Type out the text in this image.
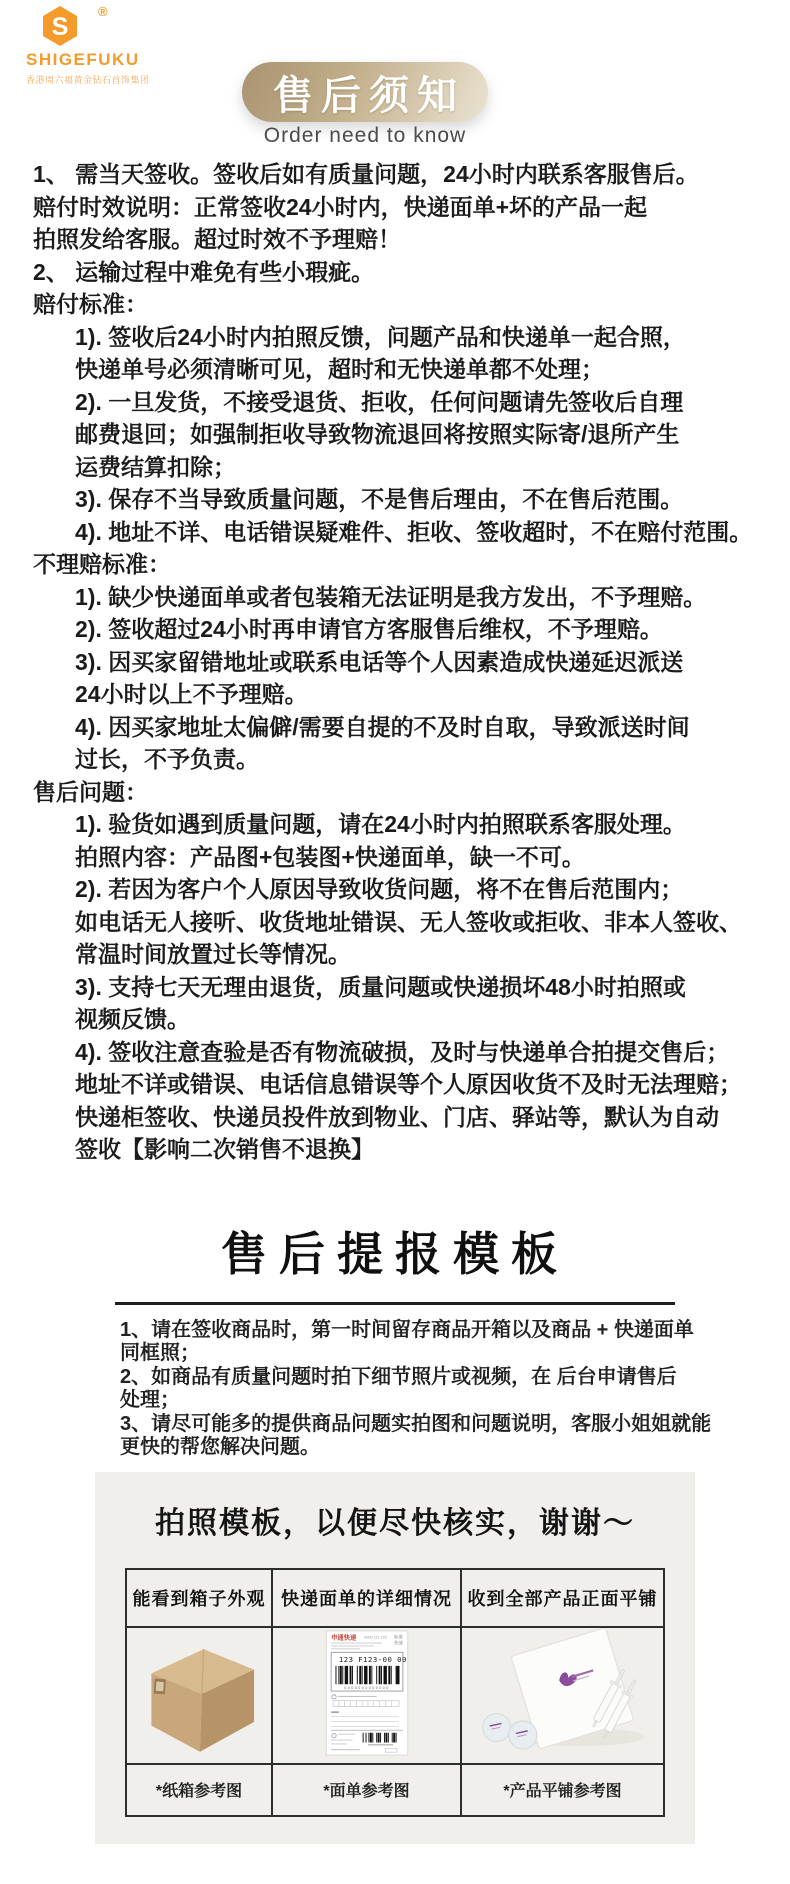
S
®
SHIGEFUKU
香港周六福黄金钻石首饰集团	售后须知
Order need to know
1、 需当天签收。签收后如有质量问题，24小时内联系客服售后。
赔付时效说明：正常签收24小时内，快递面单+坏的产品一起
拍照发给客服。超过时效不予理赔！
2、 运输过程中难免有些小瑕疵。
赔付标准：
1). 签收后24小时内拍照反馈，问题产品和快递单一起合照，
快递单号必须清晰可见，超时和无快递单都不处理；
2). 一旦发货，不接受退货、拒收，任何问题请先签收后自理
邮费退回；如强制拒收导致物流退回将按照实际寄/退所产生
运费结算扣除；
3). 保存不当导致质量问题，不是售后理由，不在售后范围。
4). 地址不详、电话错误疑难件、拒收、签收超时，不在赔付范围。
不理赔标准：
1). 缺少快递面单或者包装箱无法证明是我方发出，不予理赔。
2). 签收超过24小时再申请官方客服售后维权，不予理赔。
3). 因买家留错地址或联系电话等个人因素造成快递延迟派送
24小时以上不予理赔。
4). 因买家地址太偏僻/需要自提的不及时自取，导致派送时间
过长，不予负责。
售后问题：
1). 验货如遇到质量问题，请在24小时内拍照联系客服处理。
拍照内容：产品图+包装图+快递面单，缺一不可。
2). 若因为客户个人原因导致收货问题，将不在售后范围内；
如电话无人接听、收货地址错误、无人签收或拒收、非本人签收、
常温时间放置过长等情况。
3). 支持七天无理由退货，质量问题或快递损坏48小时拍照或
视频反馈。
4). 签收注意查验是否有物流破损，及时与快递单合拍提交售后；
地址不详或错误、电话信息错误等个人原因收货不及时无法理赔；
快递柜签收、快递员投件放到物业、门店、驿站等，默认为自动
签收【影响二次销售不退换】
售后提报模板
1、请在签收商品时，第一时间留存商品开箱以及商品 + 快递面单
同框照；
2、如商品有质量问题时拍下细节照片或视频，在 后台申请售后
处理；
3、请尽可能多的提供商品问题实拍图和问题说明，客服小姐姐就能
更快的帮您解决问题。
拍照模板，以便尽快核实，谢谢～
能看到箱子外观	快递面单的详细情况	收到全部产品正面平铺

申通快递 0000 111 222 标准
快递
123 F123-00 00
0000000000000

*纸箱参考图	*面单参考图	*产品平铺参考图
